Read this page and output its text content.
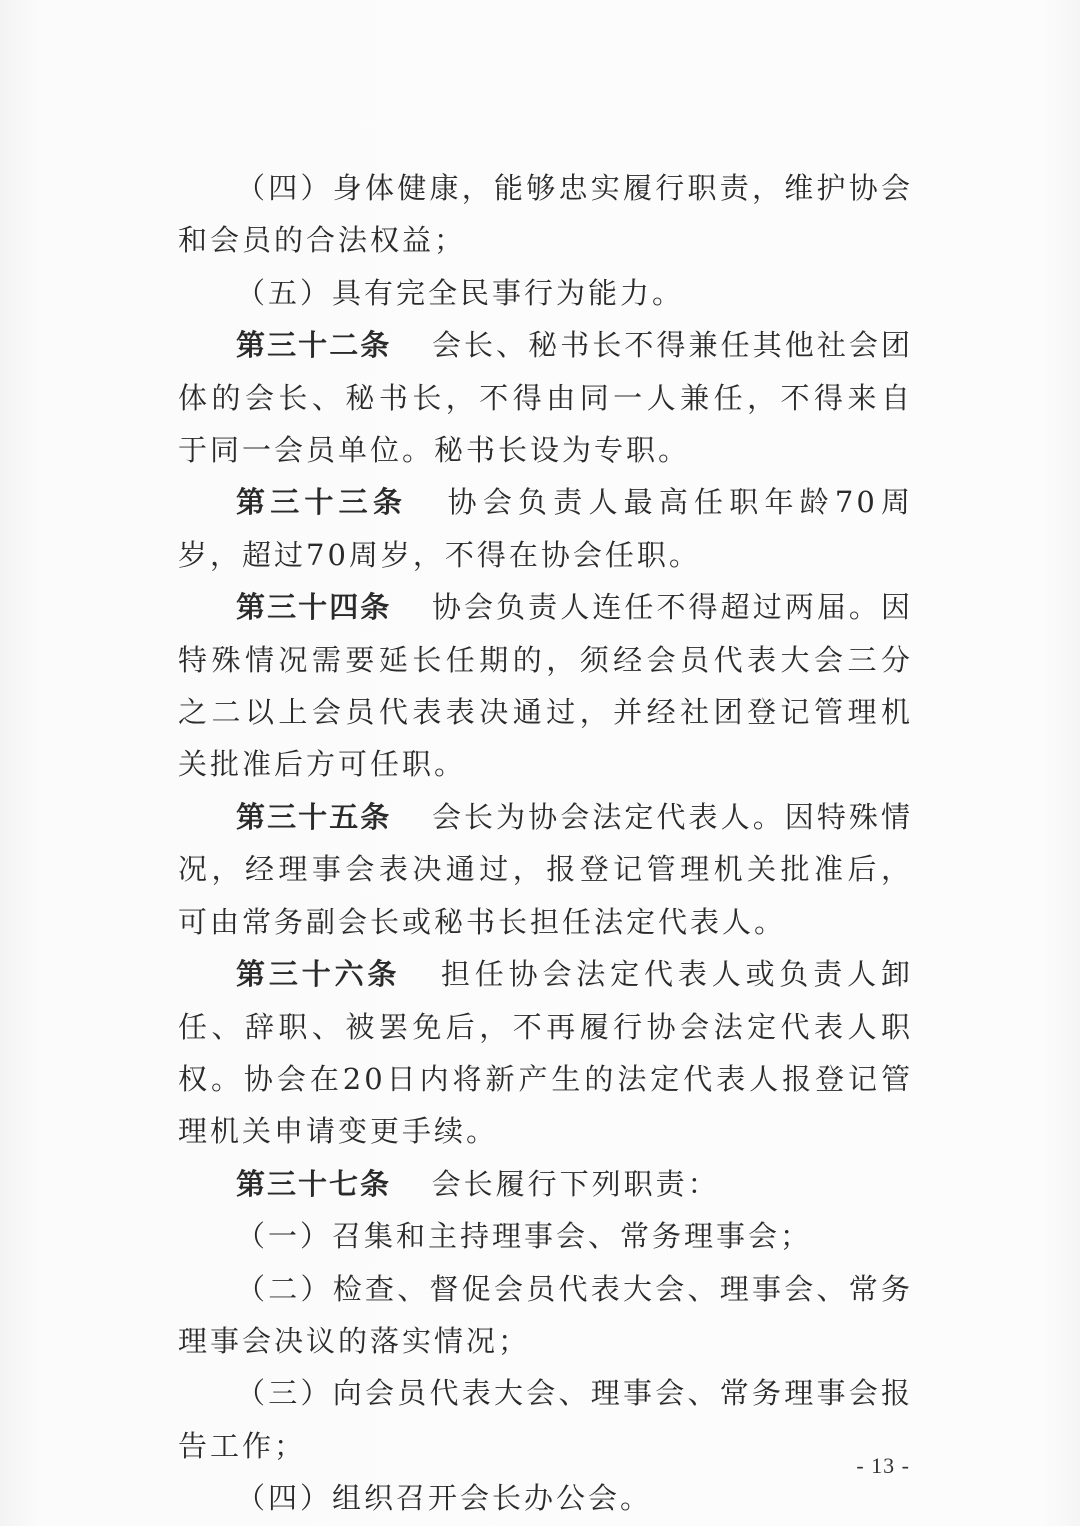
（四）身体健康，能够忠实履行职责，维护协会和会员的合法权益；

（五）具有完全民事行为能力。

第三十二条 会长、秘书长不得兼任其他社会团体的会长、秘书长，不得由同一人兼任，不得来自于同一会员单位。秘书长设为专职。

第三十三条 协会负责人最高任职年龄70周岁，超过70周岁，不得在协会任职。

第三十四条 协会负责人连任不得超过两届。因特殊情况需要延长任期的，须经会员代表大会三分之二以上会员代表表决通过，并经社团登记管理机关批准后方可任职。

第三十五条 会长为协会法定代表人。因特殊情况，经理事会表决通过，报登记管理机关批准后，可由常务副会长或秘书长担任法定代表人。

第三十六条 担任协会法定代表人或负责人卸任、辞职、被罢免后，不再履行协会法定代表人职权。协会在20日内将新产生的法定代表人报登记管理机关申请变更手续。

第三十七条 会长履行下列职责：

（一）召集和主持理事会、常务理事会；

（二）检查、督促会员代表大会、理事会、常务理事会决议的落实情况；

（三）向会员代表大会、理事会、常务理事会报告工作；

（四）组织召开会长办公会。

- 13 -
